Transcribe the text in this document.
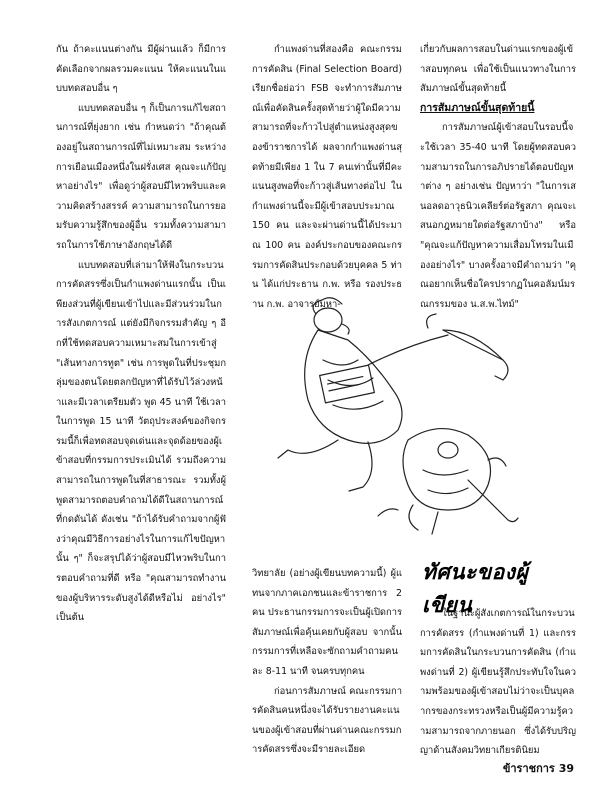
กัน ถ้าคะแนนต่างกัน มีผู้ผ่านแล้ว ก็มีการคัดเลือกจากผลรวมคะแนน ให้คะแนนในแบบทดสอบอื่น ๆ

แบบทดสอบอื่น ๆ ก็เป็นการแก้ไขสถานการณ์ที่ยุ่งยาก เช่น กำหนดว่า "ถ้าคุณต้องอยู่ในสถานการณ์ที่ไม่เหมาะสม ระหว่างการเยือนเมืองหนึ่งในฝรั่งเศส คุณจะแก้ปัญหาอย่างไร" เพื่อดูว่าผู้สอบมีไหวพริบและความคิดสร้างสรรค์ ความสามารถในการยอมรับความรู้สึกของผู้อื่น รวมทั้งความสามารถในการใช้ภาษาอังกฤษได้ดี

แบบทดสอบที่เล่ามาให้ฟังในกระบวนการคัดสรรซึ่งเป็นกำแพงด่านแรกนั้น เป็นเพียงส่วนที่ผู้เขียนเข้าไปและมีส่วนร่วมในการสังเกตการณ์ แต่ยังมีกิจกรรมสำคัญ ๆ อีกที่ใช้ทดสอบความเหมาะสมในการเข้าสู่ "เส้นทางการทูต" เช่น การพูดในที่ประชุมกลุ่มของตนโดยตลกปัญหาที่ได้รับไว้ล่วงหน้าและมีเวลาเตรียมตัว พูด 45 นาที ใช้เวลาในการพูด 15 นาที วัตถุประสงค์ของกิจกรรมนี้ก็เพื่อทดสอบจุดเด่นและจุดด้อยของผู้เข้าสอบที่กรรมการประเมินได้ รวมถึงความสามารถในการพูดในที่สาธารณะ รวมทั้งผู้พูดสามารถตอบคำถามได้ดีในสถานการณ์ที่กดดันได้ ดังเช่น "ถ้าได้รับคำถามจากผู้ฟังว่าคุณมีวิธีการอย่างไรในการแก้ไขปัญหานั้น ๆ" ก็จะสรุปได้ว่าผู้สอบมีไหวพริบในการตอบคำถามที่ดี หรือ "คุณสามารถทำงานของผู้บริหารระดับสูงได้ดีหรือไม่ อย่างไร" เป็นต้น

กำแพงด่านที่สองคือ คณะกรรมการคัดสิน (Final Selection Board) เรียกชื่อย่อว่า FSB จะทำการสัมภาษณ์เพื่อคัดสินครั้งสุดท้ายว่าผู้ใดมีความสามารถที่จะก้าวไปสู่ตำแหน่งสูงสุดของข้าราชการได้ ผลจากกำแพงด่านสุดท้ายมีเพียง 1 ใน 7 คนเท่านั้นที่มีคะแนนสูงพอที่จะก้าวสู่เส้นทางต่อไป ในกำแพงด่านนี้จะมีผู้เข้าสอบประมาณ 150 คน และจะผ่านด่านนี้ได้ประมาณ 100 คน องค์ประกอบของคณะกรรมการคัดสินประกอบด้วยบุคคล 5 ท่าน ได้แก่ประธาน ก.พ. หรือ รองประธาน ก.พ. อาจารย์มหา-

เกี่ยวกับผลการสอบในด่านแรกของผู้เข้าสอบทุกคน เพื่อใช้เป็นแนวทางในการสัมภาษณ์ขั้นสุดท้ายนี้

การสัมภาษณ์ขั้นสุดท้ายนี้

การสัมภาษณ์ผู้เข้าสอบในรอบนี้จะใช้เวลา 35-40 นาที โดยผู้ทดสอบความสามารถในการอภิปรายได้ตอบปัญหาต่าง ๆ อย่างเช่น ปัญหาว่า "ในการเสนอลดอาวุธนิวเคลียร์ต่อรัฐสภา คุณจะเสนอกฎหมายใดต่อรัฐสภาบ้าง" หรือ "คุณจะแก้ปัญหาความเสื่อมโทรมในเมืองอย่างไร" บางครั้งอาจมีคำถามว่า "คุณอยากเห็นชื่อใครปรากฏในคอลัมน์มรณกรรมของ น.ส.พ.ไทม์"

วิทยาลัย (อย่างผู้เขียนบทความนี้) ผู้แทนจากภาคเอกชนและข้าราชการ 2 คน ประธานกรรมการจะเป็นผู้เปิดการสัมภาษณ์เพื่อคุ้นเคยกับผู้สอบ จากนั้นกรรมการที่เหลือจะซักถามคำถามคนละ 8-11 นาที จนครบทุกคน

ก่อนการสัมภาษณ์ คณะกรรมการคัดสินคนหนึ่งจะได้รับรายงานคะแนนของผู้เข้าสอบที่ผ่านด่านคณะกรรมการคัดสรรซึ่งจะมีรายละเอียด

ทัศนะของผู้เขียน

ในฐานะผู้สังเกตการณ์ในกระบวนการคัดสรร (กำแพงด่านที่ 1) และกรรมการคัดสินในกระบวนการคัดสิน (กำแพงด่านที่ 2) ผู้เขียนรู้สึกประทับใจในความพร้อมของผู้เข้าสอบไม่ว่าจะเป็นบุคลากรของกระทรวงหรือเป็นผู้มีความรู้ความสามารถจากภายนอก ซึ่งได้รับปริญญาด้านสังคมวิทยาเกียรตินิยม

ข้าราชการ 39
